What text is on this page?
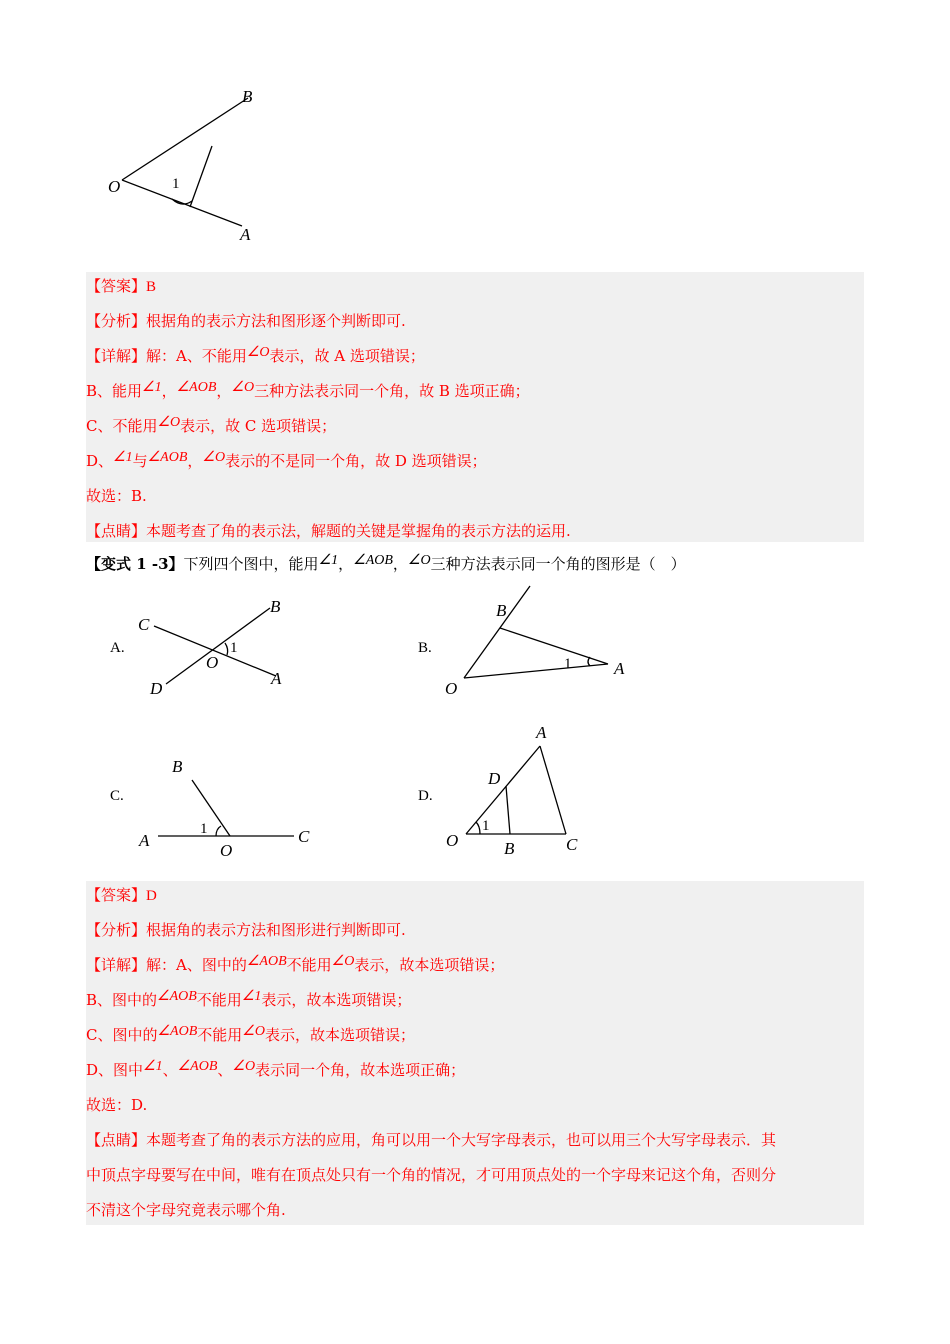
B
O
A
1
【答案】B
【分析】根据角的表示方法和图形逐个判断即可.
【详解】解：A、不能用∠O表示，故 A 选项错误；
B、能用∠1，∠AOB，∠O三种方法表示同一个角，故 B 选项正确；
C、不能用∠O表示，故 C 选项错误；
D、∠1与∠AOB，∠O表示的不是同一个角，故 D 选项错误；
故选：B.
【点睛】本题考查了角的表示法，解题的关键是掌握角的表示方法的运用.
【变式 1 -3】下列四个图中，能用∠1，∠AOB，∠O三种方法表示同一个角的图形是（　）
A.
C
B
O
D
A
1	B.
B
O
A
1
C.
B
A
O
C
1
D.
A
D
O	B	C
1
【答案】D
【分析】根据角的表示方法和图形进行判断即可.
【详解】解：A、图中的∠AOB不能用∠O表示，故本选项错误；
B、图中的∠AOB不能用∠1表示，故本选项错误；
C、图中的∠AOB不能用∠O表示，故本选项错误；
D、图中∠1、∠AOB、∠O表示同一个角，故本选项正确；
故选：D.
【点睛】本题考查了角的表示方法的应用，角可以用一个大写字母表示，也可以用三个大写字母表示．其
中顶点字母要写在中间，唯有在顶点处只有一个角的情况，才可用顶点处的一个字母来记这个角，否则分
不清这个字母究竟表示哪个角.
